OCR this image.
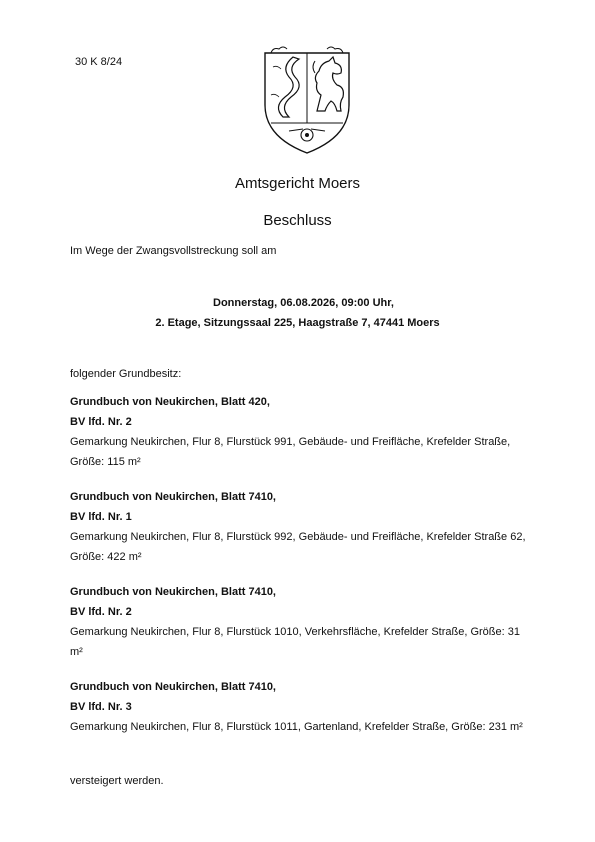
30 K 8/24
Amtsgericht Moers
Beschluss
Im Wege der Zwangsvollstreckung soll am
Donnerstag, 06.08.2026, 09:00 Uhr,
2. Etage, Sitzungssaal 225, Haagstraße 7, 47441 Moers
folgender Grundbesitz:
Grundbuch von Neukirchen, Blatt 420,
BV lfd. Nr. 2
Gemarkung Neukirchen, Flur 8, Flurstück 991, Gebäude- und Freifläche, Krefelder Straße, Größe: 115 m²
Grundbuch von Neukirchen, Blatt 7410,
BV lfd. Nr. 1
Gemarkung Neukirchen, Flur 8, Flurstück 992, Gebäude- und Freifläche, Krefelder Straße 62, Größe: 422 m²
Grundbuch von Neukirchen, Blatt 7410,
BV lfd. Nr. 2
Gemarkung Neukirchen, Flur 8, Flurstück 1010, Verkehrsfläche, Krefelder Straße, Größe: 31 m²
Grundbuch von Neukirchen, Blatt 7410,
BV lfd. Nr. 3
Gemarkung Neukirchen, Flur 8, Flurstück 1011, Gartenland, Krefelder Straße, Größe: 231 m²
versteigert werden.
